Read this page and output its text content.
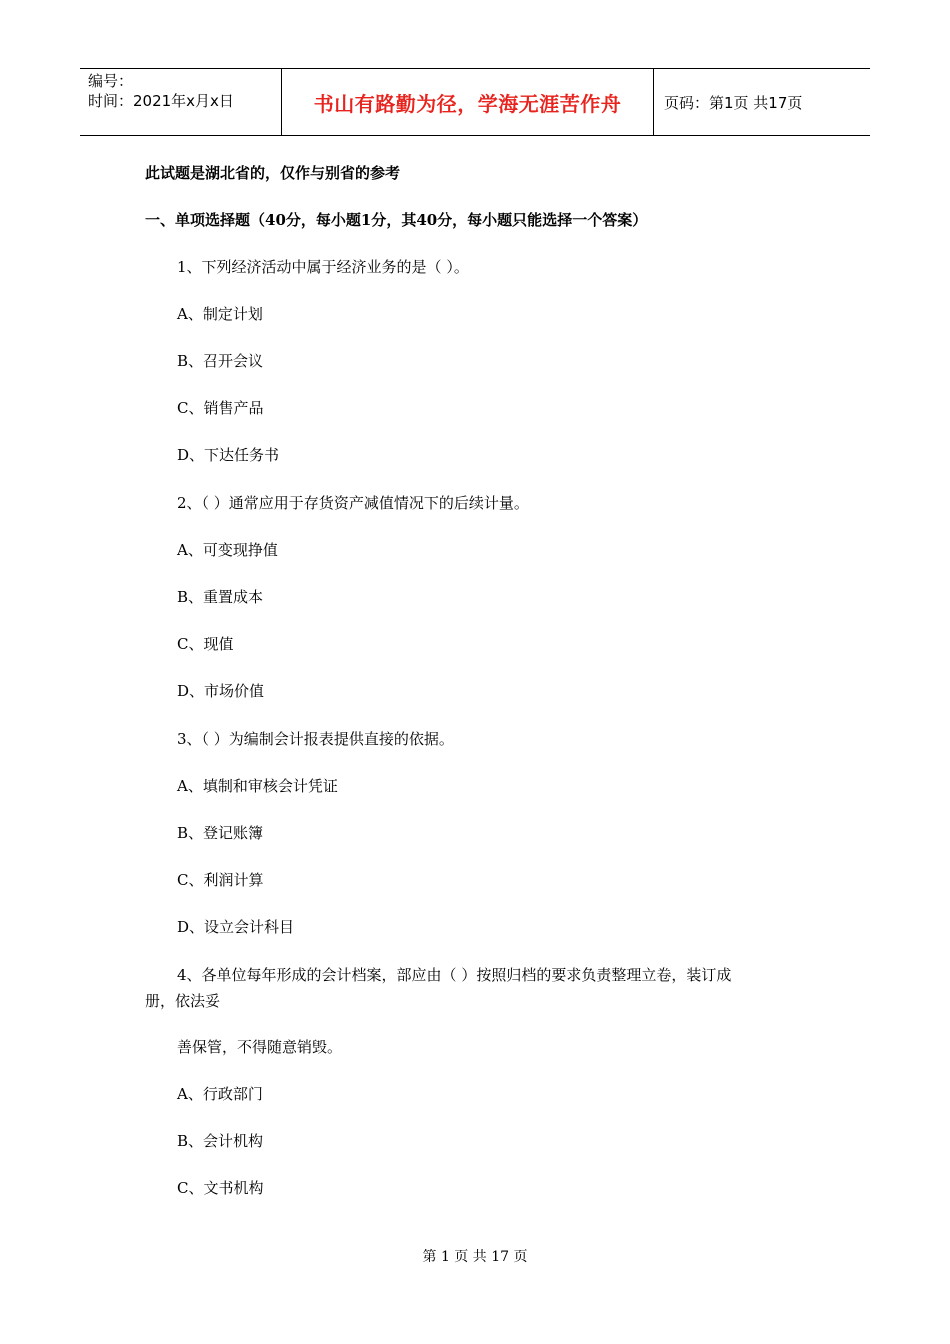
编号：
时间：2021年x月x日	书山有路勤为径，学海无涯苦作舟	页码：第1页 共17页
此试题是湖北省的，仅作与别省的参考
一、单项选择题（40分，每小题1分，其40分，每小题只能选择一个答案）
1、下列经济活动中属于经济业务的是（ ）。
A、制定计划
B、召开会议
C、销售产品
D、下达任务书
2、（ ）通常应用于存货资产减值情况下的后续计量。
A、可变现挣值
B、重置成本
C、现值
D、市场价值
3、（ ）为编制会计报表提供直接的依据。
A、填制和审核会计凭证
B、登记账簿
C、利润计算
D、设立会计科目
4、各单位每年形成的会计档案，部应由（ ）按照归档的要求负责整理立卷，装订成
册，依法妥
善保管，不得随意销毁。
A、行政部门
B、会计机构
C、文书机构
第 1 页 共 17 页
